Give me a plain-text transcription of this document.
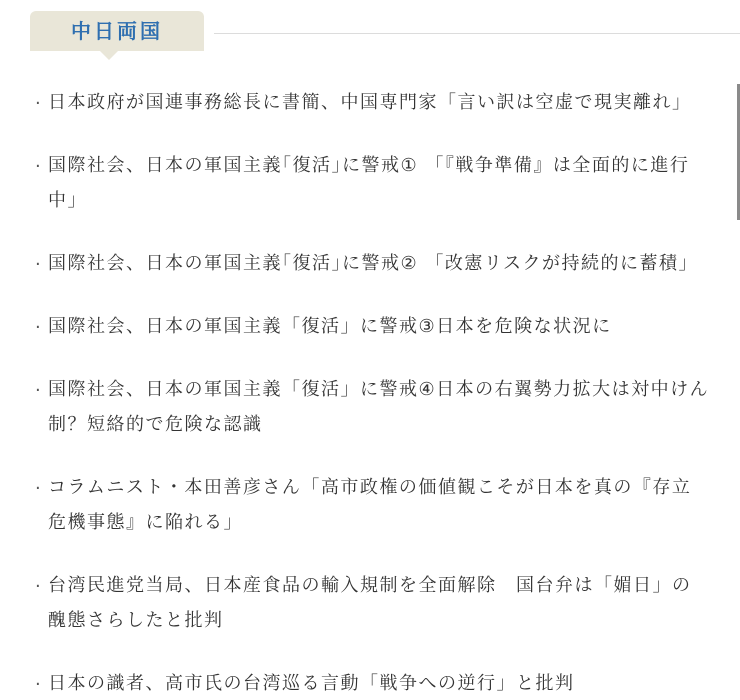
中日両国
· 日本政府が国連事務総長に書簡、中国専門家「言い訳は空虚で現実離れ」
· 国際社会、日本の軍国主義｢復活｣に警戒① 「『戦争準備』は全面的に進行中」
· 国際社会、日本の軍国主義｢復活｣に警戒② 「改憲リスクが持続的に蓄積」
· 国際社会、日本の軍国主義「復活」に警戒③日本を危険な状況に
· 国際社会、日本の軍国主義「復活」に警戒④日本の右翼勢力拡大は対中けん制？短絡的で危険な認識
· コラムニスト・本田善彦さん「高市政権の価値観こそが日本を真の『存立危機事態』に陥れる」
· 台湾民進党当局、日本産食品の輸入規制を全面解除　国台弁は「媚日」の醜態さらしたと批判
· 日本の識者、高市氏の台湾巡る言動「戦争への逆行」と批判
